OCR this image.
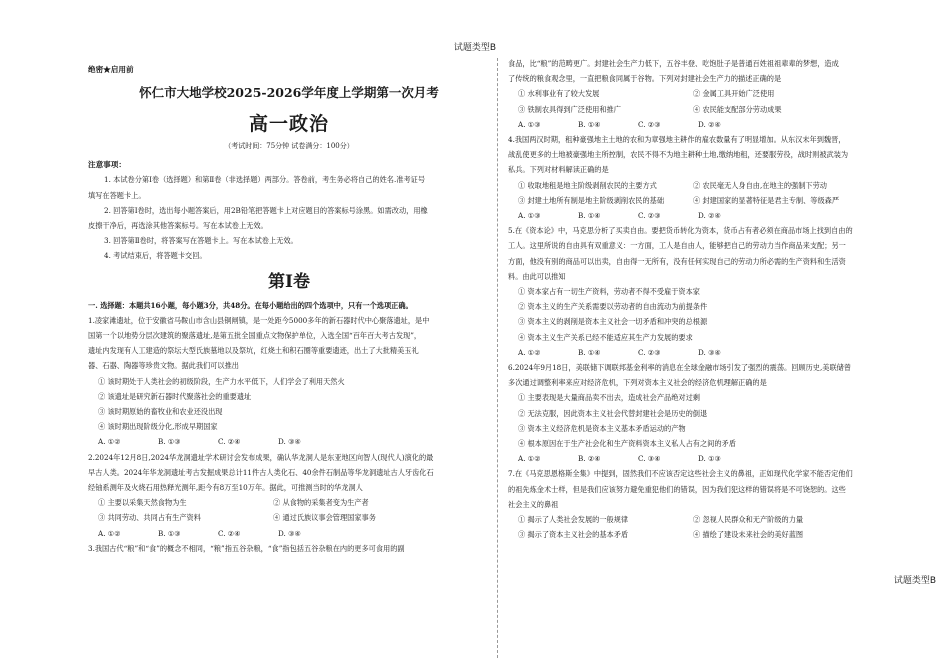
试题类型B
试题类型B

绝密★启用前

怀仁市大地学校2025-2026学年度上学期第一次月考

高一政治

（考试时间：75分钟 试卷满分：100分）

注意事项：

1. 本试卷分第Ⅰ卷（选择题）和第Ⅱ卷（非选择题）两部分。答卷前，考生务必将自己的姓名.准考证号

填写在答题卡上。

2. 回答第Ⅰ卷时，选出每小题答案后，用2B铅笔把答题卡上对应题目的答案标号涂黑。如需改动，用橡

皮擦干净后，再选涂其他答案标号。写在本试卷上无效。

3. 回答第Ⅱ卷时，将答案写在答题卡上。写在本试卷上无效。

4. 考试结束后，将答题卡交回。

第Ⅰ卷

一. 选择题：本题共16小题，每小题3分，共48分。在每小题给出的四个选项中，只有一个选项正确。

1.凌家滩遗址，位于安徽省马鞍山市含山县铜闸镇，是一处距今5000多年的新石器时代中心聚落遗址，是中

国第一个以地势分层次建筑的聚落遗址,是第五批全国重点文物保护单位，入选全国“百年百大考古发现”，

遗址内发现有人工建造的祭坛大型氏族墓地以及祭坑，红烧土和积石圈等重要遗迹，出土了大批精美玉礼

器、石器、陶器等珍贵文物。据此我们可以推出

① 该时期处于人类社会的初级阶段，生产力水平低下，人们学会了利用天然火

② 该遗址是研究新石器时代聚落社会的重要遗址

③ 该时期原始的畜牧业和农业还没出现

④ 该时期出现阶级分化,形成早期国家

A. ①②	B. ①③	C. ②④	D. ③④

2.2024年12月8日,2024华龙洞遗址学术研讨会发布成果，确认华龙洞人是东亚地区向智人(现代人)演化的最

早古人类。2024年华龙洞遗址考古发掘成果总计11件古人类化石、40余件石制品等华龙洞遗址古人牙齿化石

经铀系测年及火烧石用热释光测年,距今有8万至10万年。据此，可推测当时的华龙洞人

① 主要以采集天然食物为生	② 从食物的采集者变为生产者
③ 共同劳动、共同占有生产资料	④ 通过氏族议事会管理国家事务
A. ①②	B. ①③	C. ②④	D. ③④

3.我国古代“粮”和“食”的概念不相同，“粮”指五谷杂粮，“食”指包括五谷杂粮在内的更多可食用的副

食品，比“粮”的范畴更广。封建社会生产力低下，五谷丰登、吃饱肚子是普通百姓祖祖辈辈的梦想，造成

了传统的粮食观念里，一直把粮食同属于谷物。下列对封建社会生产力的描述正确的是

① 水利事业有了较大发展	② 金属工具开始广泛使用
③ 铁制农具得到广泛使用和推广	④ 农民能支配部分劳动成果
A. ①③	B. ①④	C. ②③	D. ②④

4.我国两汉时期，租种豪强地主土地的农和为章强地主耕作的雇农数量有了明显增加。从东汉末年到魏晋，

战乱使更多的土地被豪强地主所控制，农民不得不为地主耕种土地,缴纳地租，还要服劳役，战时则被武装为

私兵。下列对材料解读正确的是

① 收取地租是地主阶级剥削农民的主要方式	② 农民毫无人身自由,在地主的强制下劳动
③ 封建土地所有制是地主阶级剥削农民的基础	④ 封建国家的显著特征是君主专制、等级森严
A. ①③	B. ①④	C. ②③	D. ②④

5.在《资本论》中，马克思分析了买卖自由。要把货币转化为资本，货币占有者必须在商品市场上找到自由的

工人。这里所说的自由具有双重意义：一方面，工人是自由人，能够把自己的劳动力当作商品来支配；另一

方面，他没有别的商品可以出卖，自由得一无所有，没有任何实现自己的劳动力所必需的生产资料和生活资

料。由此可以推知

① 资本家占有一切生产资料，劳动者不得不受雇于资本家

② 资本主义的生产关系需要以劳动者的自由流动为前提条件

③ 资本主义的剥削是资本主义社会一切矛盾和冲突的总根源

④ 资本主义生产关系已经不能适应其生产力发展的要求

A. ①②	B. ①④	C. ②③	D. ③④

6.2024年9月18日，美联储下调联邦基金利率的消息在全球金融市场引发了强烈的震荡。回顾历史,美联储曾

多次通过调整利率来应对经济危机，下列对资本主义社会的经济危机理解正确的是

① 主要表现是大量商品卖不出去，造成社会产品绝对过剩

② 无法克服，因此资本主义社会代替封建社会是历史的倒退

③ 资本主义经济危机是资本主义基本矛盾运动的产物

④ 根本原因在于生产社会化和生产资料资本主义私人占有之间的矛盾

A. ①②	B. ②④	C. ③④	D. ①③

7.在《马克思恩格斯全集》中提到，固然我们不应该否定这些社会主义的鼻祖，正如现代化学家不能否定他们

的祖先炼金术士样，但是我们应该努力避免重犯他们的错误，因为我们犯这样的错误将是不可饶恕的。这些

社会主义的鼻祖

① 揭示了人类社会发展的一般规律	② 忽视人民群众和无产阶级的力量
③ 揭示了资本主义社会的基本矛盾	④ 描绘了建设未来社会的美好蓝图
